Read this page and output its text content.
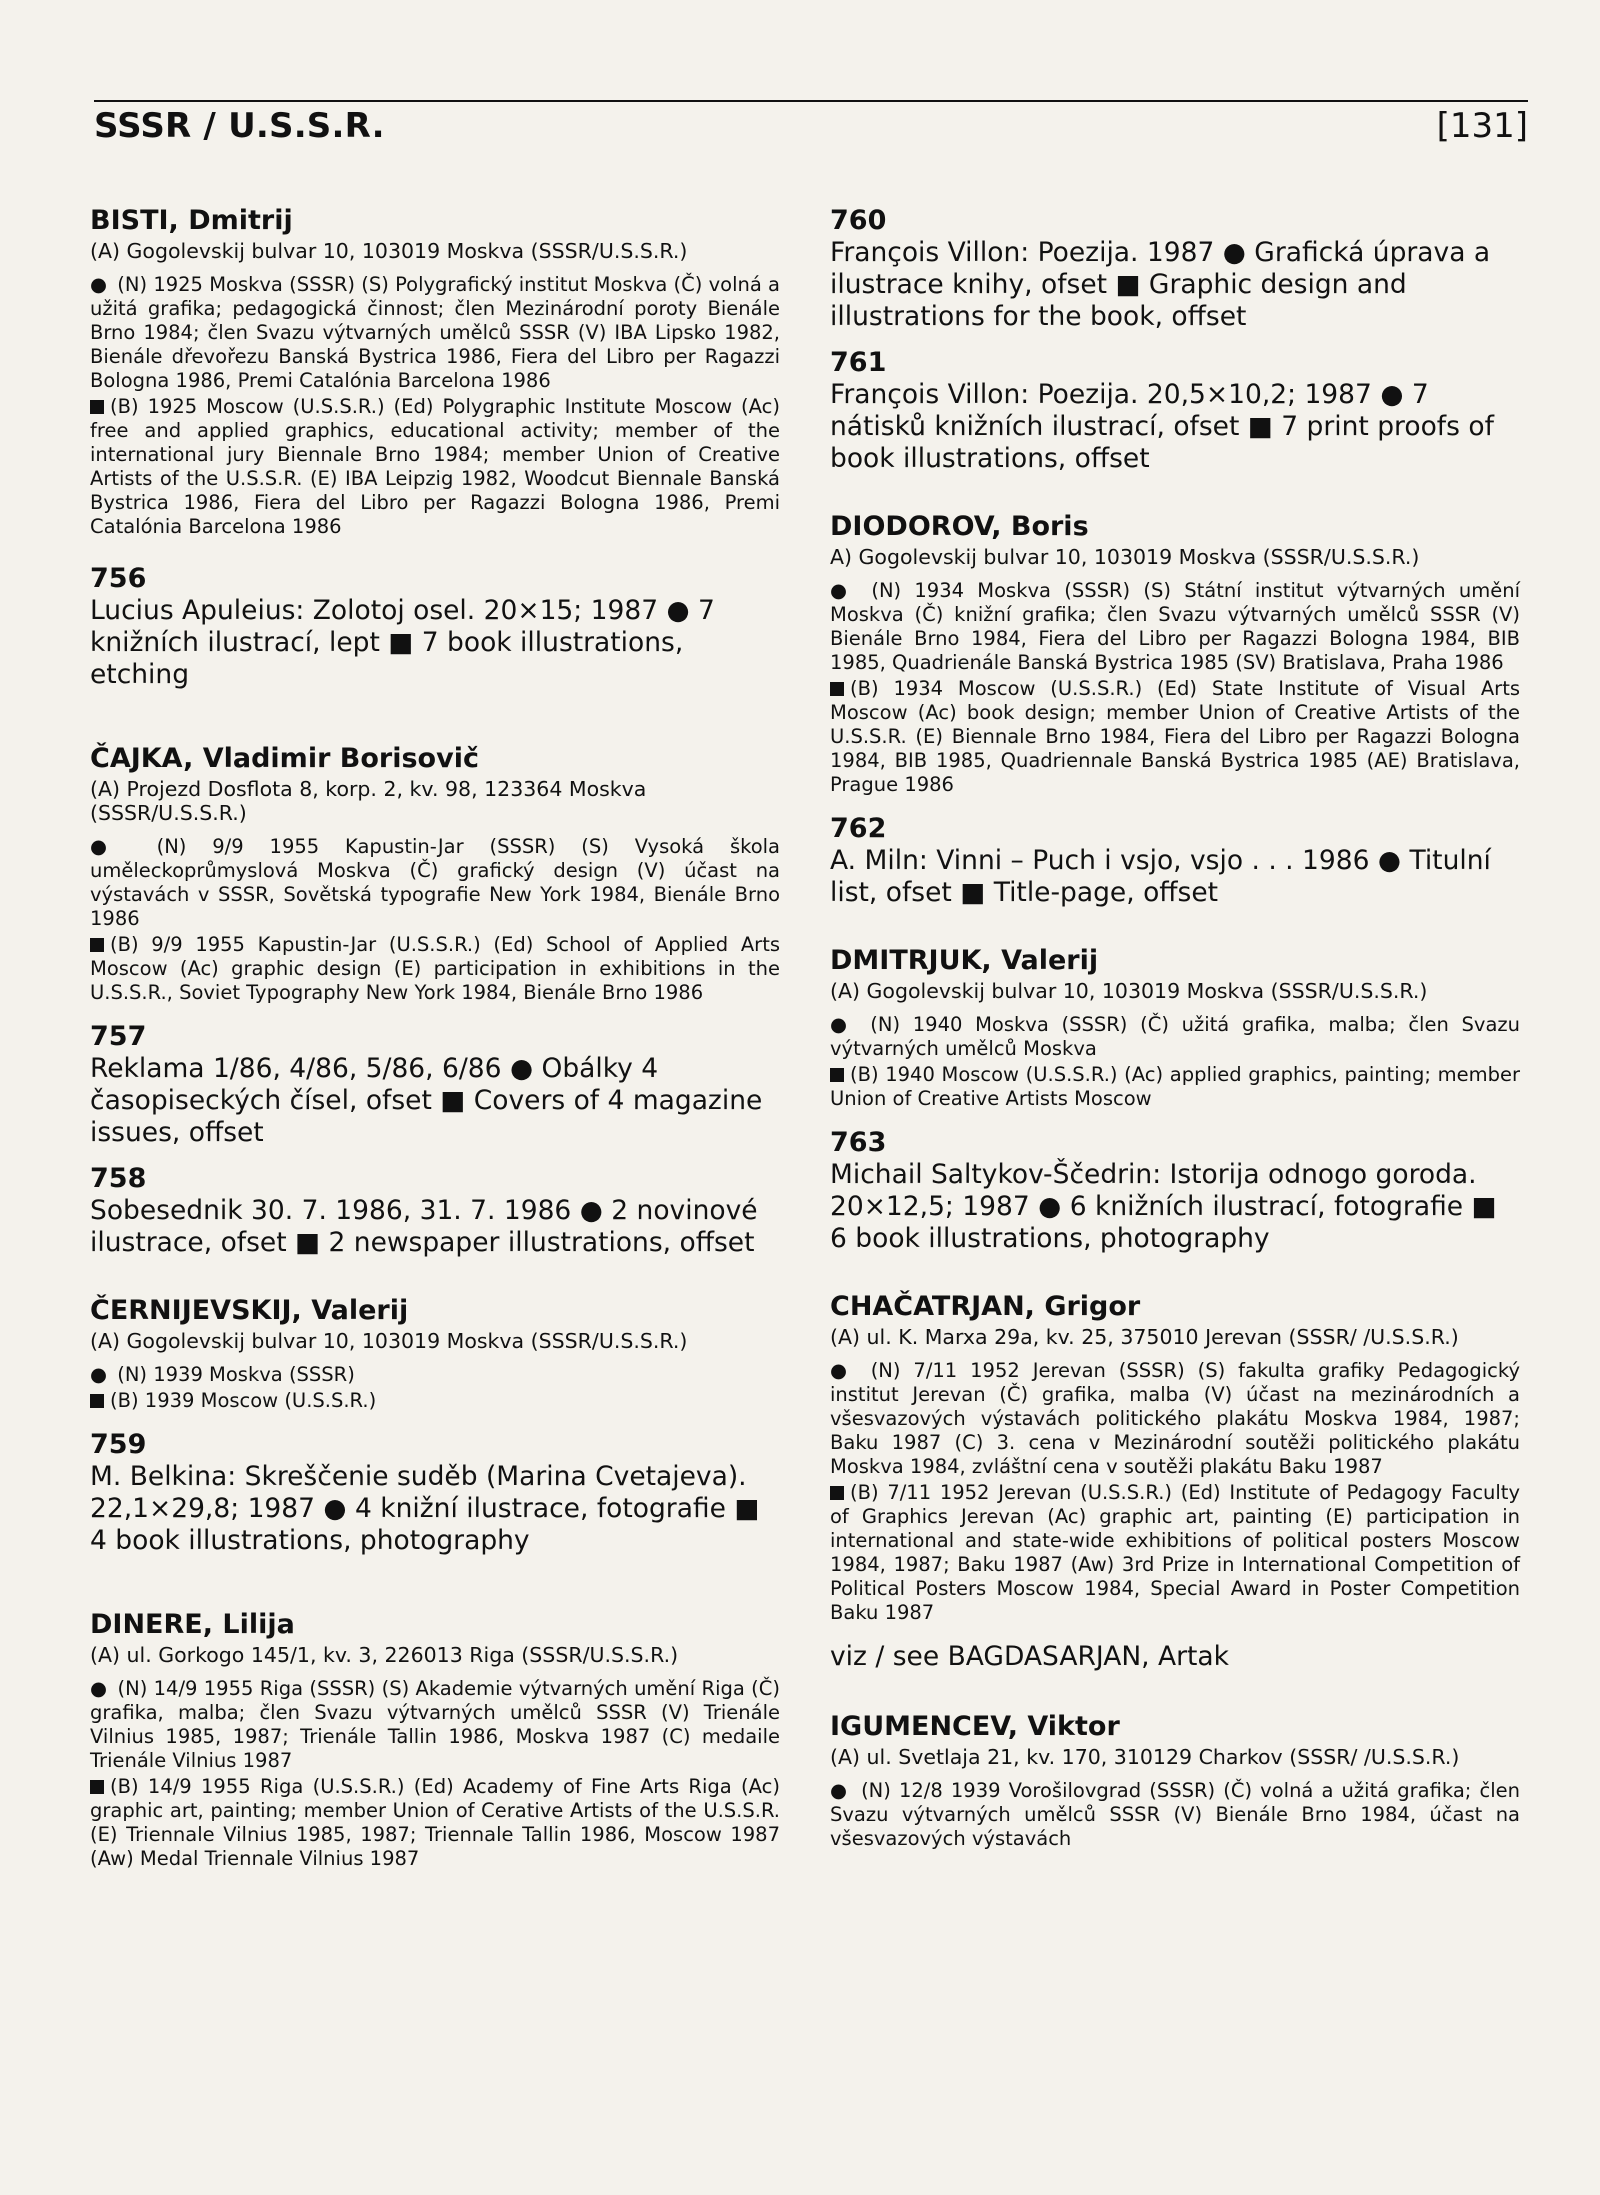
SSSR / U.S.S.R.	[131]
BISTI, Dmitrij
(A) Gogolevskij bulvar 10, 103019 Moskva (SSSR/U.S.S.R.)

● (N) 1925 Moskva (SSSR) (S) Polygrafický institut Moskva (Č) volná a užitá grafika; pedagogická činnost; člen Mezinárodní poroty Bienále Brno 1984; člen Svazu výtvarných umělců SSSR (V) IBA Lipsko 1982, Bienále dřevořezu Banská Bystrica 1986, Fiera del Libro per Ragazzi Bologna 1986, Premi Catalónia Barcelona 1986

(B) 1925 Moscow (U.S.S.R.) (Ed) Polygraphic Institute Moscow (Ac) free and applied graphics, educational activity; member of the international jury Biennale Brno 1984; member Union of Creative Artists of the U.S.S.R. (E) IBA Leipzig 1982, Woodcut Biennale Banská Bystrica 1986, Fiera del Libro per Ragazzi Bologna 1986, Premi Catalónia Barcelona 1986

756
Lucius Apuleius: Zolotoj osel. 20×15; 1987 ● 7 knižních ilustrací, lept ■ 7 book illustrations, etching
ČAJKA, Vladimir Borisovič
(A) Projezd Dosflota 8, korp. 2, kv. 98, 123364 Moskva (SSSR/U.S.S.R.)

● (N) 9/9 1955 Kapustin-Jar (SSSR) (S) Vysoká škola uměleckoprůmyslová Moskva (Č) grafický design (V) účast na výstavách v SSSR, Sovětská typografie New York 1984, Bienále Brno 1986

(B) 9/9 1955 Kapustin-Jar (U.S.S.R.) (Ed) School of Applied Arts Moscow (Ac) graphic design (E) participation in exhibitions in the U.S.S.R., Soviet Typography New York 1984, Bienále Brno 1986

757
Reklama 1/86, 4/86, 5/86, 6/86 ● Obálky 4 časopiseckých čísel, ofset ■ Covers of 4 magazine issues, offset
758
Sobesednik 30. 7. 1986, 31. 7. 1986 ● 2 novinové ilustrace, ofset ■ 2 newspaper illustrations, offset
ČERNIJEVSKIJ, Valerij
(A) Gogolevskij bulvar 10, 103019 Moskva (SSSR/U.S.S.R.)

● (N) 1939 Moskva (SSSR)

(B) 1939 Moscow (U.S.S.R.)

759
M. Belkina: Skreščenie suděb (Marina Cvetajeva). 22,1×29,8; 1987 ● 4 knižní ilustrace, fotografie ■ 4 book illustrations, photography
DINERE, Lilija
(A) ul. Gorkogo 145/1, kv. 3, 226013 Riga (SSSR/U.S.S.R.)

● (N) 14/9 1955 Riga (SSSR) (S) Akademie výtvarných umění Riga (Č) grafika, malba; člen Svazu výtvarných umělců SSSR (V) Trienále Vilnius 1985, 1987; Trienále Tallin 1986, Moskva 1987 (C) medaile Trienále Vilnius 1987

(B) 14/9 1955 Riga (U.S.S.R.) (Ed) Academy of Fine Arts Riga (Ac) graphic art, painting; member Union of Cerative Artists of the U.S.S.R. (E) Triennale Vilnius 1985, 1987; Triennale Tallin 1986, Moscow 1987 (Aw) Medal Triennale Vilnius 1987

760
François Villon: Poezija. 1987 ● Grafická úprava a ilustrace knihy, ofset ■ Graphic design and illustrations for the book, offset
761
François Villon: Poezija. 20,5×10,2; 1987 ● 7 nátisků knižních ilustrací, ofset ■ 7 print proofs of book illustrations, offset
DIODOROV, Boris
A) Gogolevskij bulvar 10, 103019 Moskva (SSSR/U.S.S.R.)

● (N) 1934 Moskva (SSSR) (S) Státní institut výtvarných umění Moskva (Č) knižní grafika; člen Svazu výtvarných umělců SSSR (V) Bienále Brno 1984, Fiera del Libro per Ragazzi Bologna 1984, BIB 1985, Quadrienále Banská Bystrica 1985 (SV) Bratislava, Praha 1986

(B) 1934 Moscow (U.S.S.R.) (Ed) State Institute of Visual Arts Moscow (Ac) book design; member Union of Creative Artists of the U.S.S.R. (E) Biennale Brno 1984, Fiera del Libro per Ragazzi Bologna 1984, BIB 1985, Quadriennale Banská Bystrica 1985 (AE) Bratislava, Prague 1986

762
A. Miln: Vinni – Puch i vsjo, vsjo . . . 1986 ● Titulní list, ofset ■ Title-page, offset
DMITRJUK, Valerij
(A) Gogolevskij bulvar 10, 103019 Moskva (SSSR/U.S.S.R.)

● (N) 1940 Moskva (SSSR) (Č) užitá grafika, malba; člen Svazu výtvarných umělců Moskva

(B) 1940 Moscow (U.S.S.R.) (Ac) applied graphics, painting; member Union of Creative Artists Moscow

763
Michail Saltykov-Ščedrin: Istorija odnogo goroda. 20×12,5; 1987 ● 6 knižních ilustrací, fotografie ■ 6 book illustrations, photography
CHAČATRJAN, Grigor
(A) ul. K. Marxa 29a, kv. 25, 375010 Jerevan (SSSR/ /U.S.S.R.)

● (N) 7/11 1952 Jerevan (SSSR) (S) fakulta grafiky Pedagogický institut Jerevan (Č) grafika, malba (V) účast na mezinárodních a všesvazových výstavách politického plakátu Moskva 1984, 1987; Baku 1987 (C) 3. cena v Mezinárodní soutěži politického plakátu Moskva 1984, zvláštní cena v soutěži plakátu Baku 1987

(B) 7/11 1952 Jerevan (U.S.S.R.) (Ed) Institute of Pedagogy Faculty of Graphics Jerevan (Ac) graphic art, painting (E) participation in international and state-wide exhibitions of political posters Moscow 1984, 1987; Baku 1987 (Aw) 3rd Prize in International Competition of Political Posters Moscow 1984, Special Award in Poster Competition Baku 1987

viz / see BAGDASARJAN, Artak
IGUMENCEV, Viktor
(A) ul. Svetlaja 21, kv. 170, 310129 Charkov (SSSR/ /U.S.S.R.)

● (N) 12/8 1939 Vorošilovgrad (SSSR) (Č) volná a užitá grafika; člen Svazu výtvarných umělců SSSR (V) Bienále Brno 1984, účast na všesvazových výstavách
